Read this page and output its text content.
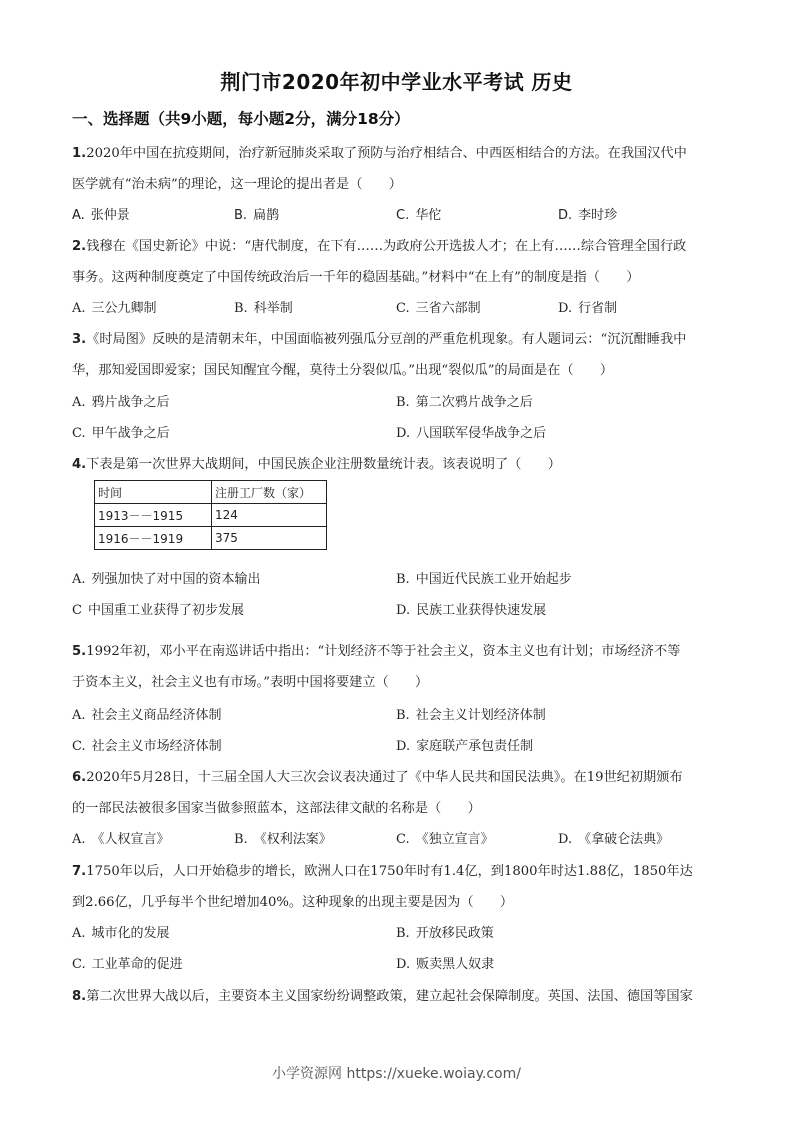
荆门市2020年初中学业水平考试 历史
一、选择题（共9小题，每小题2分，满分18分）
1.2020年中国在抗疫期间，治疗新冠肺炎采取了预防与治疗相结合、中西医相结合的方法。在我国汉代中
医学就有“治未病”的理论，这一理论的提出者是（　　）
A. 张仲景	B. 扁鹊	C. 华佗	D. 李时珍
2.钱穆在《国史新论》中说：“唐代制度，在下有……为政府公开选拔人才；在上有……综合管理全国行政
事务。这两种制度奠定了中国传统政治后一千年的稳固基础。”材料中“在上有”的制度是指（　　）
A. 三公九卿制	B. 科举制	C. 三省六部制	D. 行省制
3.《时局图》反映的是清朝末年，中国面临被列强瓜分豆剖的严重危机现象。有人题词云：“沉沉酣睡我中
华，那知爱国即爱家；国民知醒宜今醒，莫待土分裂似瓜。”出现“裂似瓜”的局面是在（　　）
A. 鸦片战争之后	B. 第二次鸦片战争之后
C. 甲午战争之后	D. 八国联军侵华战争之后
4.下表是第一次世界大战期间，中国民族企业注册数量统计表。该表说明了（　　）
时间	注册工厂数（家）
1913－－1915	124
1916－－1919	375
A. 列强加快了对中国的资本输出	B. 中国近代民族工业开始起步
C 中国重工业获得了初步发展	D. 民族工业获得快速发展
5.1992年初，邓小平在南巡讲话中指出：“计划经济不等于社会主义，资本主义也有计划；市场经济不等
于资本主义，社会主义也有市场。”表明中国将要建立（　　）
A. 社会主义商品经济体制	B. 社会主义计划经济体制
C. 社会主义市场经济体制	D. 家庭联产承包责任制
6.2020年5月28日，十三届全国人大三次会议表决通过了《中华人民共和国民法典》。在19世纪初期颁布
的一部民法被很多国家当做参照蓝本，这部法律文献的名称是（　　）
A. 《人权宣言》	B. 《权利法案》	C. 《独立宣言》	D. 《拿破仑法典》
7.1750年以后，人口开始稳步的增长，欧洲人口在1750年时有1.4亿，到1800年时达1.88亿，1850年达
到2.66亿，几乎每半个世纪增加40%。这种现象的出现主要是因为（　　）
A. 城市化的发展	B. 开放移民政策
C. 工业革命的促进	D. 贩卖黑人奴隶
8.第二次世界大战以后，主要资本主义国家纷纷调整政策，建立起社会保障制度。英国、法国、德国等国家
小学资源网 https://xueke.woiay.com/
